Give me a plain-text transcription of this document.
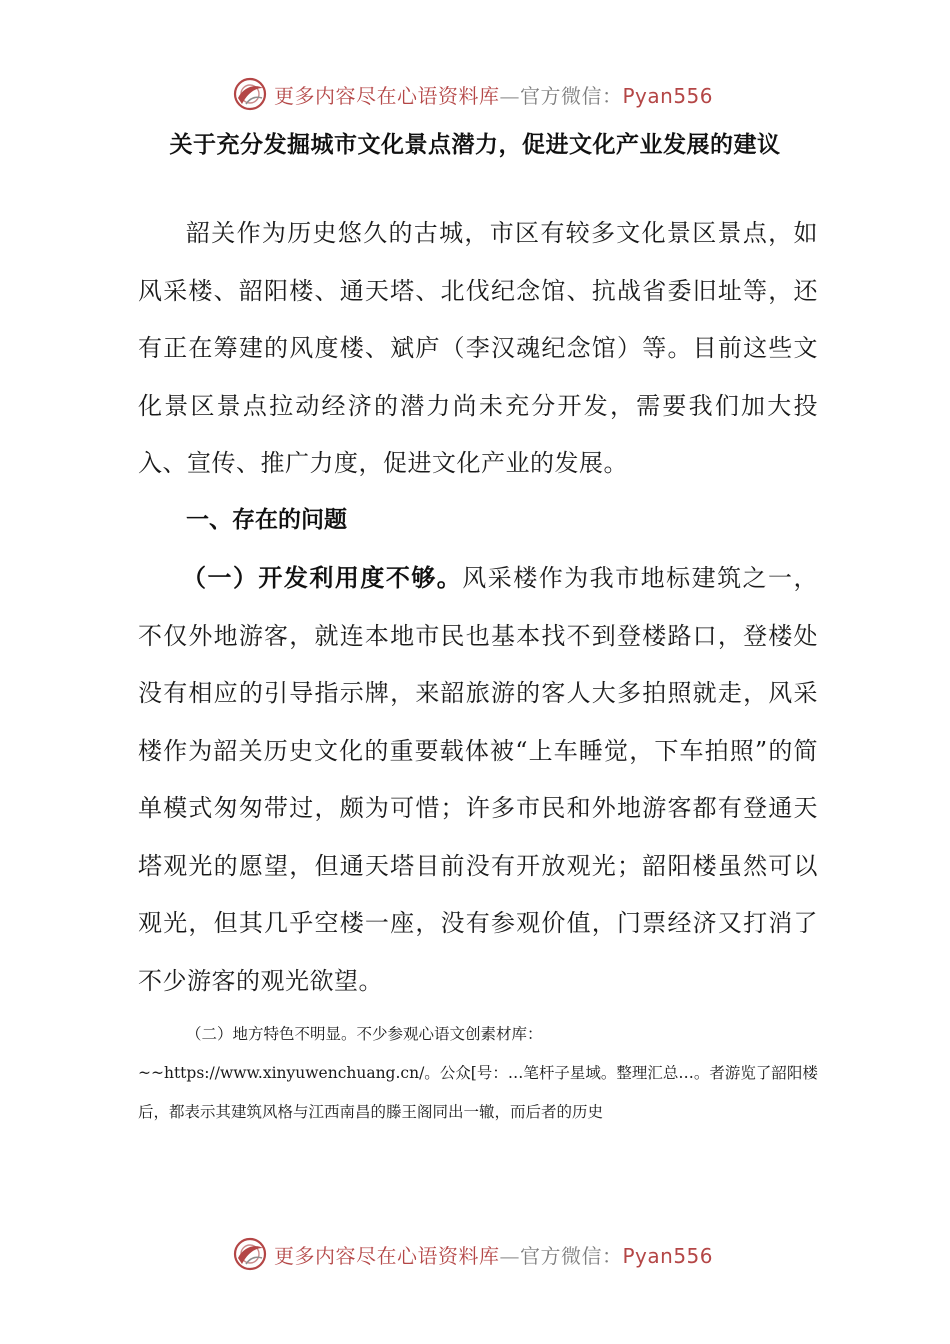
更多内容尽在心语资料库—官方微信：Pyan556
关于充分发掘城市文化景点潜力，促进文化产业发展的建议

韶关作为历史悠久的古城，市区有较多文化景区景点，如风采楼、韶阳楼、通天塔、北伐纪念馆、抗战省委旧址等，还有正在筹建的风度楼、斌庐（李汉魂纪念馆）等。目前这些文化景区景点拉动经济的潜力尚未充分开发，需要我们加大投入、宣传、推广力度，促进文化产业的发展。

一、存在的问题

（一）开发利用度不够。风采楼作为我市地标建筑之一，不仅外地游客，就连本地市民也基本找不到登楼路口，登楼处没有相应的引导指示牌，来韶旅游的客人大多拍照就走，风采楼作为韶关历史文化的重要载体被“上车睡觉，下车拍照”的简单模式匆匆带过，颇为可惜；许多市民和外地游客都有登通天塔观光的愿望，但通天塔目前没有开放观光；韶阳楼虽然可以观光，但其几乎空楼一座，没有参观价值，门票经济又打消了不少游客的观光欲望。

（二）地方特色不明显。不少参观心语文创素材库：~~https://www.xinyuwenchuang.cn/。公众[号：…笔杆子星域。整理汇总…。者游览了韶阳楼后，都表示其建筑风格与江西南昌的滕王阁同出一辙，而后者的历史

更多内容尽在心语资料库—官方微信：Pyan556
